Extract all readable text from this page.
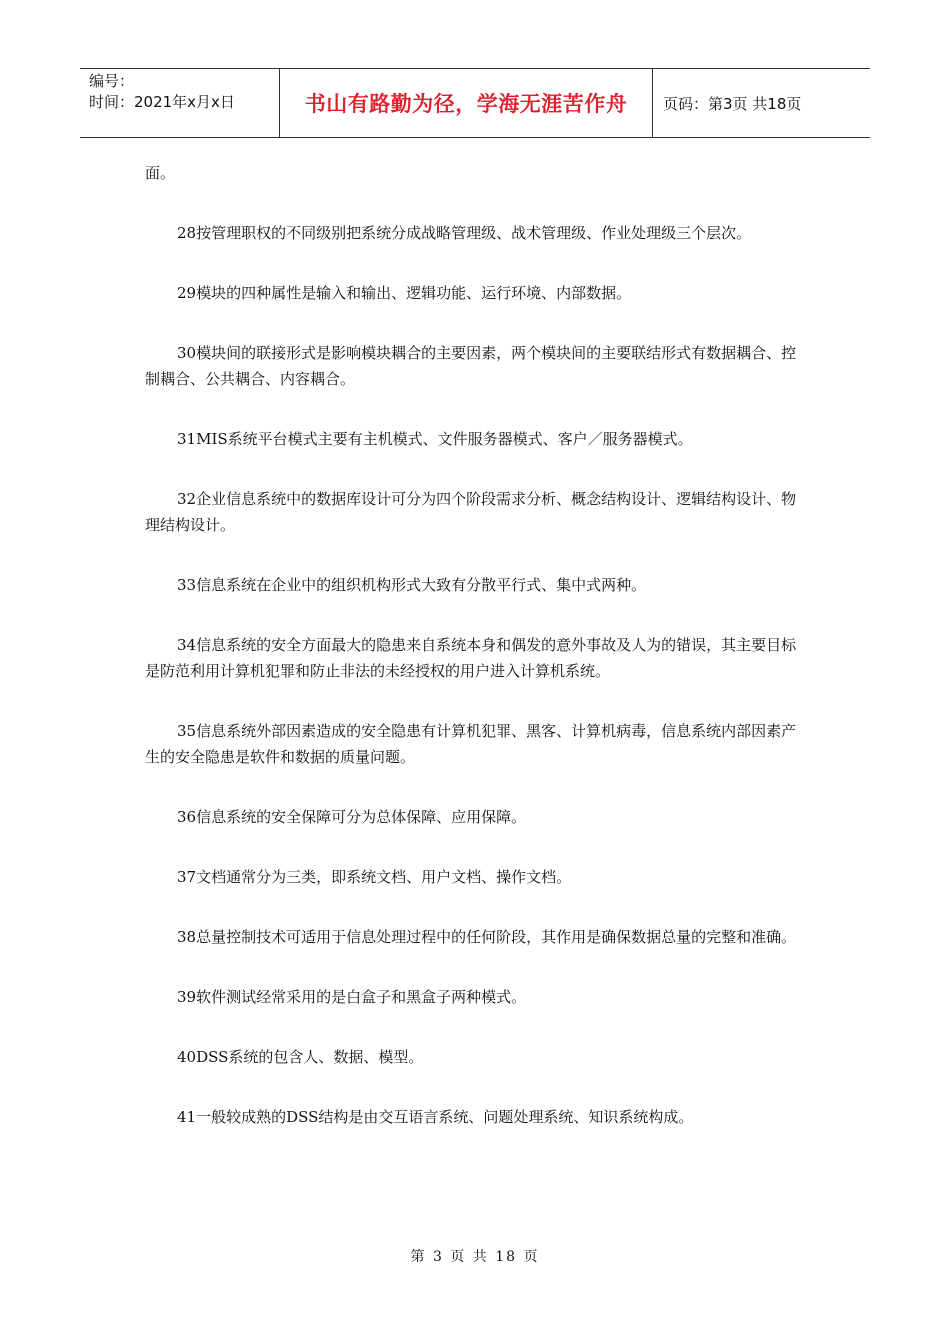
编号：
时间：2021年x月x日	书山有路勤为径，学海无涯苦作舟 页码：第3页 共18页

面。

28按管理职权的不同级别把系统分成战略管理级、战术管理级、作业处理级三个层次。

29模块的四种属性是输入和输出、逻辑功能、运行环境、内部数据。

30模块间的联接形式是影响模块耦合的主要因素，两个模块间的主要联结形式有数据耦合、控制耦合、公共耦合、内容耦合。

31MIS系统平台模式主要有主机模式、文件服务器模式、客户／服务器模式。

32企业信息系统中的数据库设计可分为四个阶段需求分析、概念结构设计、逻辑结构设计、物理结构设计。

33信息系统在企业中的组织机构形式大致有分散平行式、集中式两种。

34信息系统的安全方面最大的隐患来自系统本身和偶发的意外事故及人为的错误，其主要目标是防范利用计算机犯罪和防止非法的未经授权的用户进入计算机系统。

35信息系统外部因素造成的安全隐患有计算机犯罪、黑客、计算机病毒，信息系统内部因素产生的安全隐患是软件和数据的质量问题。

36信息系统的安全保障可分为总体保障、应用保障。

37文档通常分为三类，即系统文档、用户文档、操作文档。

38总量控制技术可适用于信息处理过程中的任何阶段，其作用是确保数据总量的完整和准确。

39软件测试经常采用的是白盒子和黑盒子两种模式。

40DSS系统的包含人、数据、模型。

41一般较成熟的DSS结构是由交互语言系统、问题处理系统、知识系统构成。

第 3 页 共 18 页
